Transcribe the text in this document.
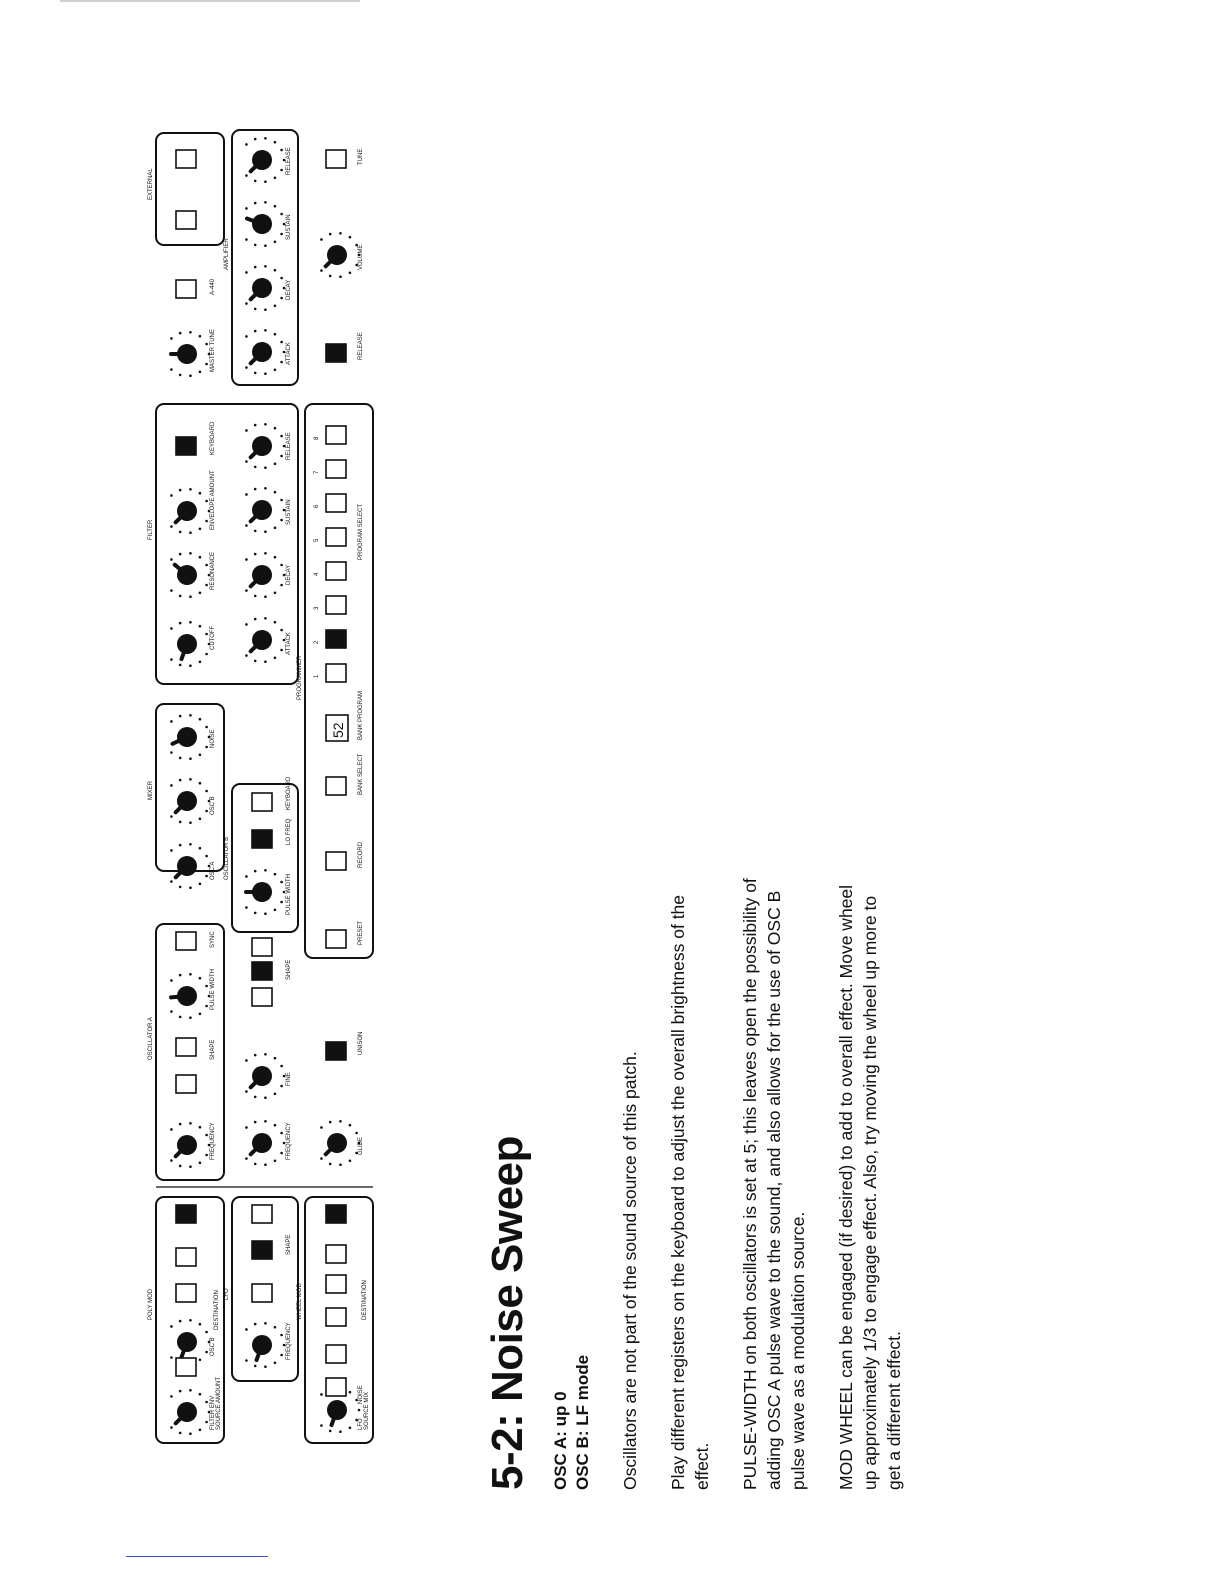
52
1
2
3
4
5
6
7
8
POLY MOD	LFO	WHEEL MOD
OSCILLATOR A
OSCILLATOR B
MIXER
FILTER
AMPLIFIER
EXTERNAL
PROGRAMMER
FILTER ENV SOURCE AMOUNT
OSC B
DESTINATION
FREQUENCY
SHAPE
LFO SOURCE MIX
NOISE
DESTINATION
FREQUENCY
SHAPE
PULSE WIDTH
SYNC
FREQUENCY
FINE
SHAPE
PULSE WIDTH
LO FREQ
KEYBOARD
OSC A
OSC B
NOISE
CUTOFF
RESONANCE
ENVELOPE AMOUNT
KEYBOARD
ATTACK
DECAY
SUSTAIN
RELEASE
MASTER TUNE
A-440
ATTACK
DECAY
SUSTAIN
RELEASE
GLIDE
UNISON
PRESET
RECORD
BANK SELECT
BANK PROGRAM
PROGRAM SELECT
RELEASE
VOLUME
TUNE
5-2: Noise Sweep OSC A: up 0 OSC B: LF mode Oscillators are not part of the sound source of this patch. Play different registers on the keyboard to adjust the overall brightness of the effect. PULSE-WIDTH on both oscillators is set at 5; this leaves open the possibility of adding OSC A pulse wave to the sound, and also allows for the use of OSC B pulse wave as a modulation source. MOD WHEEL can be engaged (if desired) to add to overall effect. Move wheel up approximately 1/3 to engage effect. Also, try moving the wheel up more to get a different effect.
